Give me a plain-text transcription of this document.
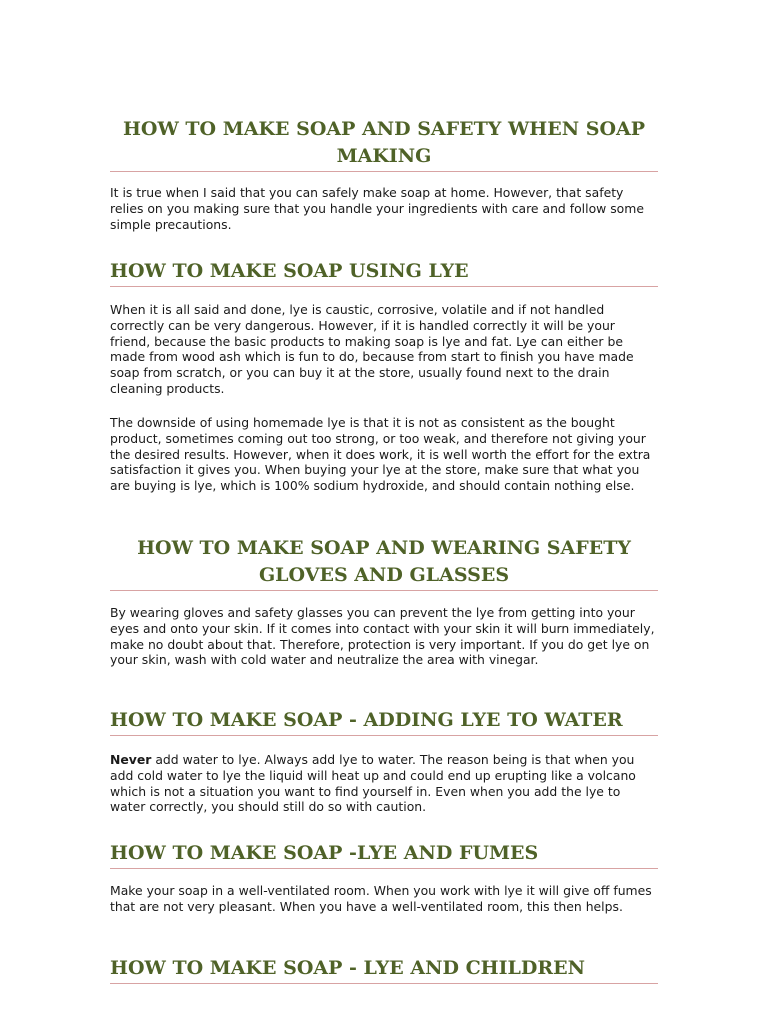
HOW TO MAKE SOAP AND SAFETY WHEN SOAP MAKING

It is true when I said that you can safely make soap at home. However, that safety relies on you making sure that you handle your ingredients with care and follow some simple precautions.

HOW TO MAKE SOAP USING LYE

When it is all said and done, lye is caustic, corrosive, volatile and if not handled correctly can be very dangerous. However, if it is handled correctly it will be your friend, because the basic products to making soap is lye and fat. Lye can either be made from wood ash which is fun to do, because from start to finish you have made soap from scratch, or you can buy it at the store, usually found next to the drain cleaning products.

The downside of using homemade lye is that it is not as consistent as the bought product, sometimes coming out too strong, or too weak, and therefore not giving your the desired results. However, when it does work, it is well worth the effort for the extra satisfaction it gives you. When buying your lye at the store, make sure that what you are buying is lye, which is 100% sodium hydroxide, and should contain nothing else.

HOW TO MAKE SOAP AND WEARING SAFETY GLOVES AND GLASSES

By wearing gloves and safety glasses you can prevent the lye from getting into your eyes and onto your skin. If it comes into contact with your skin it will burn immediately, make no doubt about that. Therefore, protection is very important. If you do get lye on your skin, wash with cold water and neutralize the area with vinegar.

HOW TO MAKE SOAP - ADDING LYE TO WATER

Never add water to lye. Always add lye to water. The reason being is that when you add cold water to lye the liquid will heat up and could end up erupting like a volcano which is not a situation you want to find yourself in. Even when you add the lye to water correctly, you should still do so with caution.

HOW TO MAKE SOAP -LYE AND FUMES

Make your soap in a well-ventilated room. When you work with lye it will give off fumes that are not very pleasant. When you have a well-ventilated room, this then helps.

HOW TO MAKE SOAP - LYE AND CHILDREN
